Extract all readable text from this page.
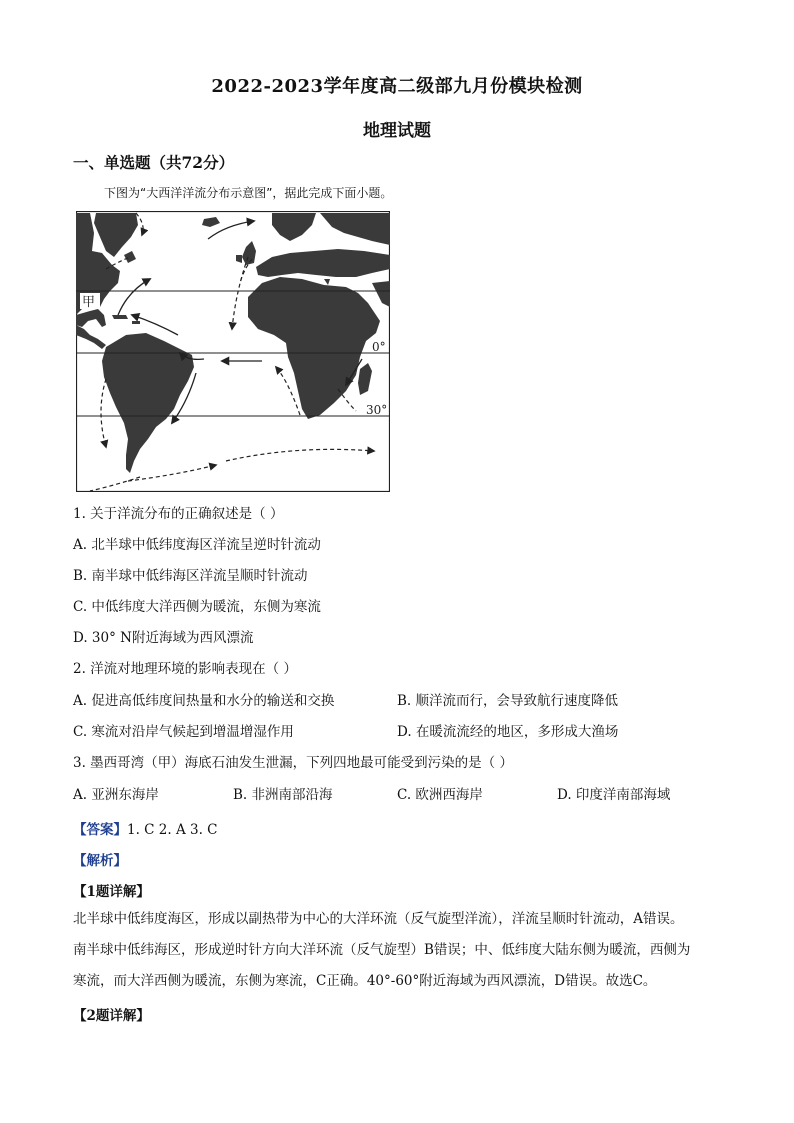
2022-2023学年度高二级部九月份模块检测
地理试题
一、单选题（共72分）
下图为“大西洋洋流分布示意图”，据此完成下面小题。
甲
0°
30°
1. 关于洋流分布的正确叙述是（ ）
A. 北半球中低纬度海区洋流呈逆时针流动
B. 南半球中低纬海区洋流呈顺时针流动
C. 中低纬度大洋西侧为暖流，东侧为寒流
D. 30° N附近海域为西风漂流
2. 洋流对地理环境的影响表现在（ ）
A. 促进高低纬度间热量和水分的输送和交换	B. 顺洋流而行，会导致航行速度降低
C. 寒流对沿岸气候起到增温增湿作用	D. 在暖流流经的地区，多形成大渔场
3. 墨西哥湾（甲）海底石油发生泄漏，下列四地最可能受到污染的是（ ）
A. 亚洲东海岸	B. 非洲南部沿海	C. 欧洲西海岸	D. 印度洋南部海域
【答案】1. C 2. A 3. C
【解析】
【1题详解】
北半球中低纬度海区，形成以副热带为中心的大洋环流（反气旋型洋流），洋流呈顺时针流动，A错误。
南半球中低纬海区，形成逆时针方向大洋环流（反气旋型）B错误；中、低纬度大陆东侧为暖流，西侧为
寒流，而大洋西侧为暖流，东侧为寒流，C正确。40°-60°附近海域为西风漂流，D错误。故选C。
【2题详解】
